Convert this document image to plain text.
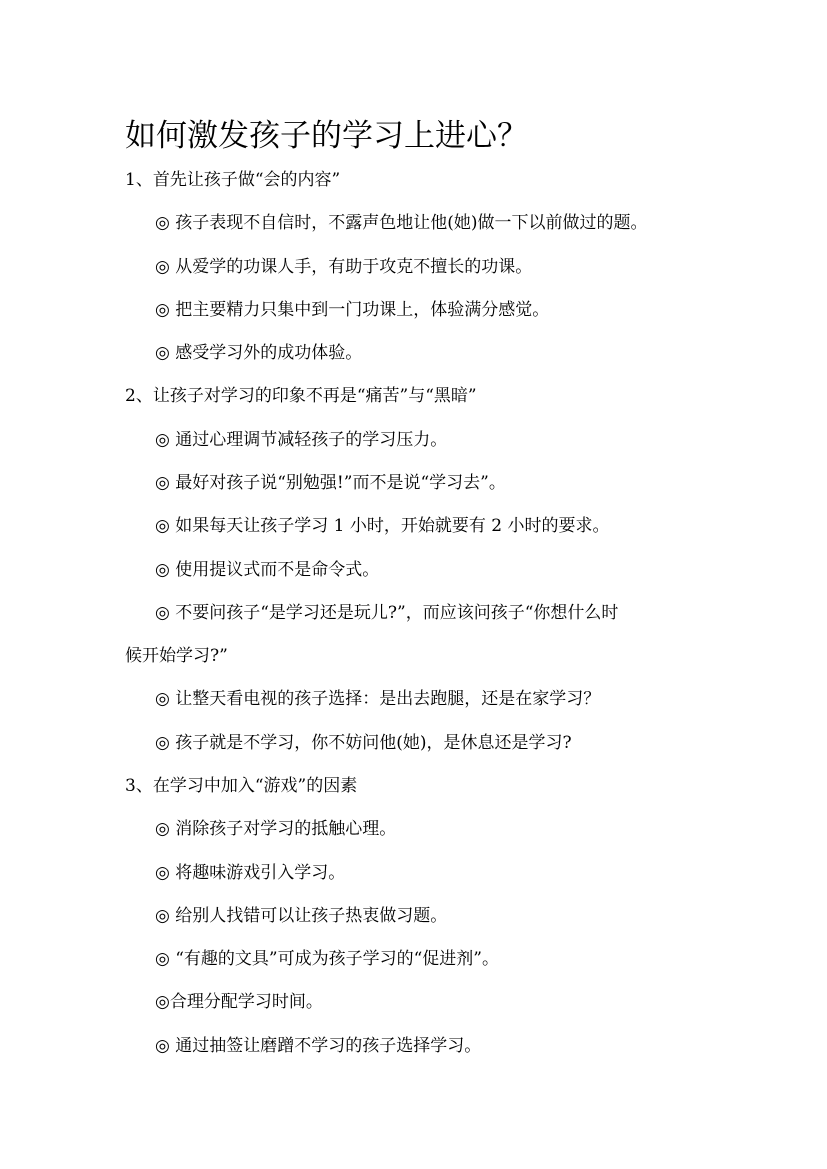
如何激发孩子的学习上进心？
1、首先让孩子做“会的内容”
◎ 孩子表现不自信时，不露声色地让他(她)做一下以前做过的题。
◎ 从爱学的功课人手，有助于攻克不擅长的功课。
◎ 把主要精力只集中到一门功课上，体验满分感觉。
◎ 感受学习外的成功体验。
2、让孩子对学习的印象不再是“痛苦”与“黑暗”
◎ 通过心理调节减轻孩子的学习压力。
◎ 最好对孩子说“别勉强!”而不是说“学习去”。
◎ 如果每天让孩子学习 1 小时，开始就要有 2 小时的要求。
◎ 使用提议式而不是命令式。
◎ 不要问孩子“是学习还是玩儿?”，而应该问孩子“你想什么时
候开始学习?”
◎ 让整天看电视的孩子选择：是出去跑腿，还是在家学习？
◎ 孩子就是不学习，你不妨问他(她)，是休息还是学习?
3、在学习中加入“游戏”的因素
◎ 消除孩子对学习的抵触心理。
◎ 将趣味游戏引入学习。
◎ 给别人找错可以让孩子热衷做习题。
◎ “有趣的文具”可成为孩子学习的“促进剂”。
◎合理分配学习时间。
◎ 通过抽签让磨蹭不学习的孩子选择学习。
